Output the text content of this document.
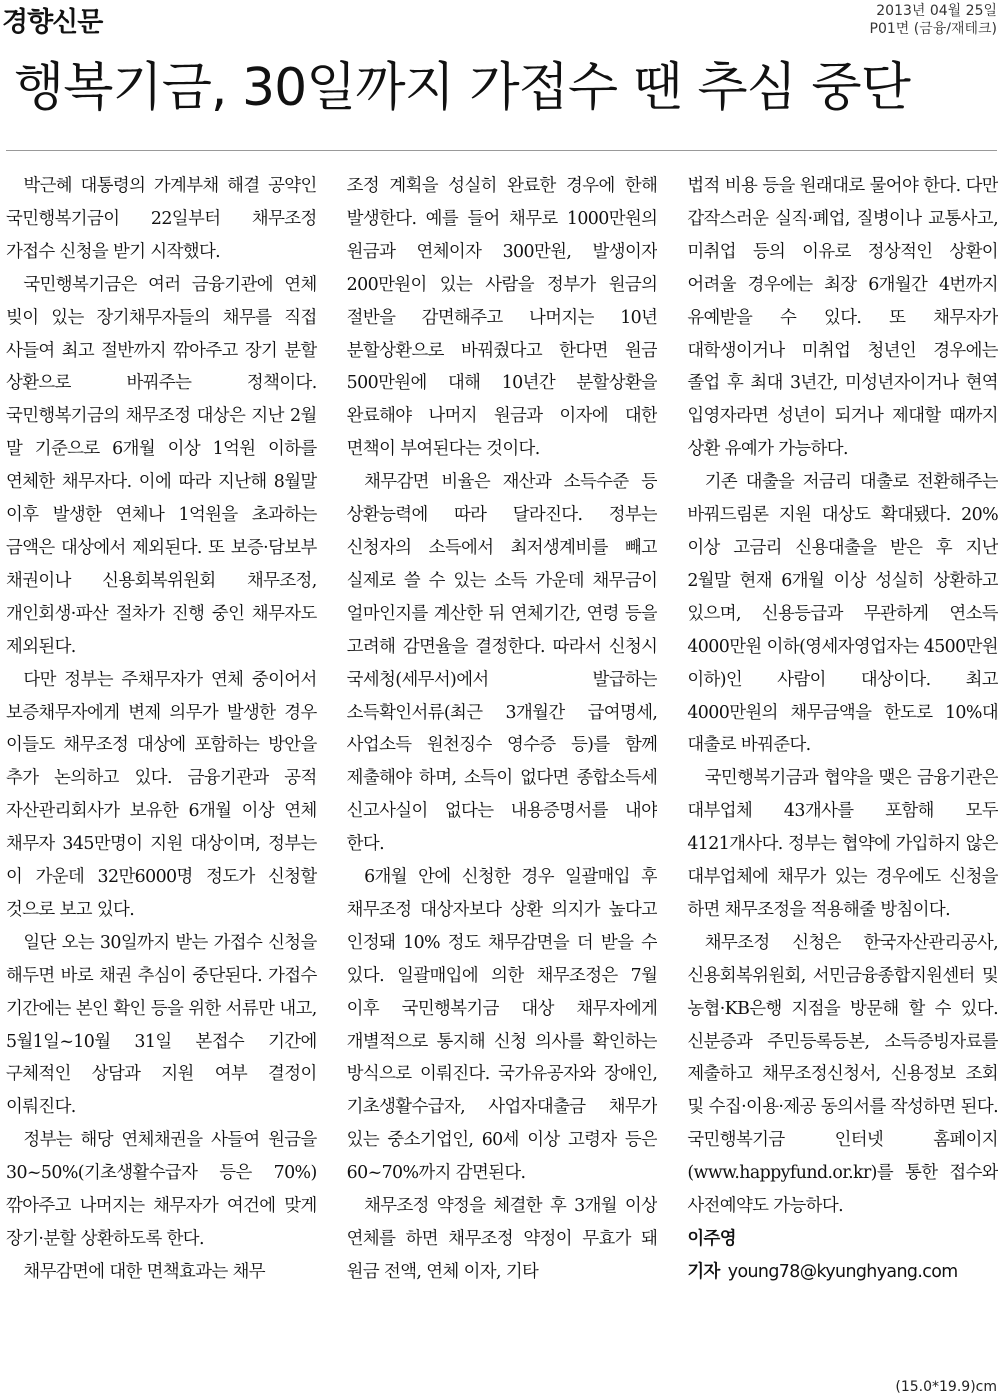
경향신문	2013년 04월 25일
P01면 (금융/재테크)
행복기금, 30일까지 가접수 땐 추심 중단

박근혜 대통령의 가계부채 해결 공약인 국민행복기금이 22일부터 채무조정 가접수 신청을 받기 시작했다.

국민행복기금은 여러 금융기관에 연체 빚이 있는 장기채무자들의 채무를 직접 사들여 최고 절반까지 깎아주고 장기 분할 상환으로 바꿔주는 정책이다. 국민행복기금의 채무조정 대상은 지난 2월 말 기준으로 6개월 이상 1억원 이하를 연체한 채무자다. 이에 따라 지난해 8월말 이후 발생한 연체나 1억원을 초과하는 금액은 대상에서 제외된다. 또 보증·담보부 채권이나 신용회복위원회 채무조정, 개인회생·파산 절차가 진행 중인 채무자도 제외된다.

다만 정부는 주채무자가 연체 중이어서 보증채무자에게 변제 의무가 발생한 경우 이들도 채무조정 대상에 포함하는 방안을 추가 논의하고 있다. 금융기관과 공적 자산관리회사가 보유한 6개월 이상 연체 채무자 345만명이 지원 대상이며, 정부는 이 가운데 32만6000명 정도가 신청할 것으로 보고 있다.

일단 오는 30일까지 받는 가접수 신청을 해두면 바로 채권 추심이 중단된다. 가접수 기간에는 본인 확인 등을 위한 서류만 내고, 5월1일~10월 31일 본접수 기간에 구체적인 상담과 지원 여부 결정이 이뤄진다.

정부는 해당 연체채권을 사들여 원금을 30~50%(기초생활수급자 등은 70%) 깎아주고 나머지는 채무자가 여건에 맞게 장기·분할 상환하도록 한다.

채무감면에 대한 면책효과는 채무

조정 계획을 성실히 완료한 경우에 한해 발생한다. 예를 들어 채무로 1000만원의 원금과 연체이자 300만원, 발생이자 200만원이 있는 사람을 정부가 원금의 절반을 감면해주고 나머지는 10년 분할상환으로 바꿔줬다고 한다면 원금 500만원에 대해 10년간 분할상환을 완료해야 나머지 원금과 이자에 대한 면책이 부여된다는 것이다.

채무감면 비율은 재산과 소득수준 등 상환능력에 따라 달라진다. 정부는 신청자의 소득에서 최저생계비를 빼고 실제로 쓸 수 있는 소득 가운데 채무금이 얼마인지를 계산한 뒤 연체기간, 연령 등을 고려해 감면율을 결정한다. 따라서 신청시 국세청(세무서)에서 발급하는 소득확인서류(최근 3개월간 급여명세, 사업소득 원천징수 영수증 등)를 함께 제출해야 하며, 소득이 없다면 종합소득세 신고사실이 없다는 내용증명서를 내야 한다.

6개월 안에 신청한 경우 일괄매입 후 채무조정 대상자보다 상환 의지가 높다고 인정돼 10% 정도 채무감면을 더 받을 수 있다. 일괄매입에 의한 채무조정은 7월 이후 국민행복기금 대상 채무자에게 개별적으로 통지해 신청 의사를 확인하는 방식으로 이뤄진다. 국가유공자와 장애인, 기초생활수급자, 사업자대출금 채무가 있는 중소기업인, 60세 이상 고령자 등은 60~70%까지 감면된다.

채무조정 약정을 체결한 후 3개월 이상 연체를 하면 채무조정 약정이 무효가 돼 원금 전액, 연체 이자, 기타

법적 비용 등을 원래대로 물어야 한다. 다만 갑작스러운 실직·폐업, 질병이나 교통사고, 미취업 등의 이유로 정상적인 상환이 어려울 경우에는 최장 6개월간 4번까지 유예받을 수 있다. 또 채무자가 대학생이거나 미취업 청년인 경우에는 졸업 후 최대 3년간, 미성년자이거나 현역 입영자라면 성년이 되거나 제대할 때까지 상환 유예가 가능하다.

기존 대출을 저금리 대출로 전환해주는 바꿔드림론 지원 대상도 확대됐다. 20% 이상 고금리 신용대출을 받은 후 지난 2월말 현재 6개월 이상 성실히 상환하고 있으며, 신용등급과 무관하게 연소득 4000만원 이하(영세자영업자는 4500만원 이하)인 사람이 대상이다. 최고 4000만원의 채무금액을 한도로 10%대 대출로 바꿔준다.

국민행복기금과 협약을 맺은 금융기관은 대부업체 43개사를 포함해 모두 4121개사다. 정부는 협약에 가입하지 않은 대부업체에 채무가 있는 경우에도 신청을 하면 채무조정을 적용해줄 방침이다.

채무조정 신청은 한국자산관리공사, 신용회복위원회, 서민금융종합지원센터 및 농협·KB은행 지점을 방문해 할 수 있다. 신분증과 주민등록등본, 소득증빙자료를 제출하고 채무조정신청서, 신용정보 조회 및 수집·이용·제공 동의서를 작성하면 된다. 국민행복기금 인터넷 홈페이지(www.happyfund.or.kr)를 통한 접수와 사전예약도 가능하다.

이주영 기자 young78@kyunghyang.com

(15.0*19.9)cm
